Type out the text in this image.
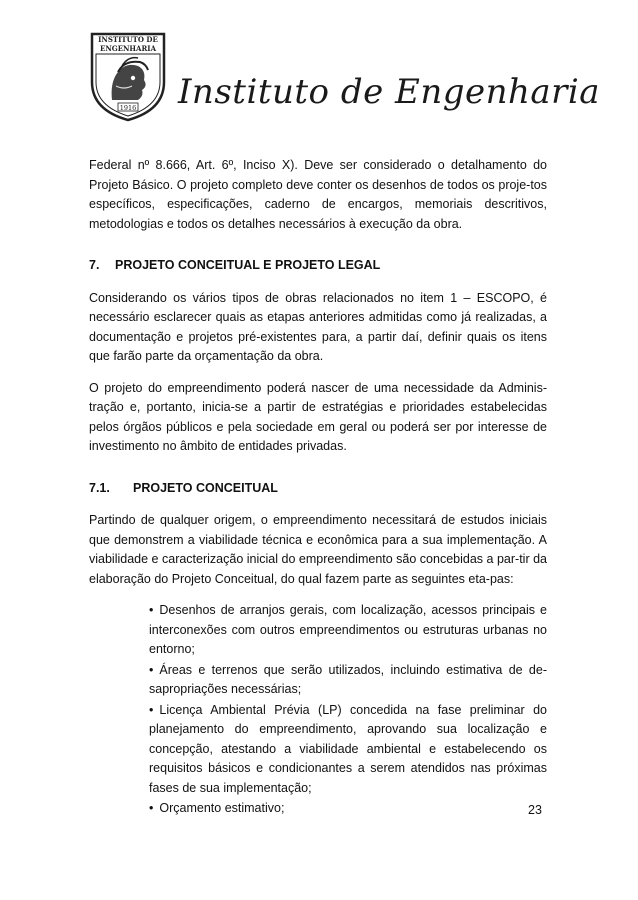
INSTITUTO DE
ENGENHARIA
1916 Instituto de Engenharia

Federal nº 8.666, Art. 6º, Inciso X). Deve ser considerado o detalhamento do Projeto Básico. O projeto completo deve conter os desenhos de todos os proje-tos específicos, especificações, caderno de encargos, memoriais descritivos, metodologias e todos os detalhes necessários à execução da obra.

7. PROJETO CONCEITUAL E PROJETO LEGAL

Considerando os vários tipos de obras relacionados no item 1 – ESCOPO, é necessário esclarecer quais as etapas anteriores admitidas como já realizadas, a documentação e projetos pré-existentes para, a partir daí, definir quais os itens que farão parte da orçamentação da obra.

O projeto do empreendimento poderá nascer de uma necessidade da Adminis-tração e, portanto, inicia-se a partir de estratégias e prioridades estabelecidas pelos órgãos públicos e pela sociedade em geral ou poderá ser por interesse de investimento no âmbito de entidades privadas.

7.1. PROJETO CONCEITUAL

Partindo de qualquer origem, o empreendimento necessitará de estudos iniciais que demonstrem a viabilidade técnica e econômica para a sua implementação. A viabilidade e caracterização inicial do empreendimento são concebidas a par-tir da elaboração do Projeto Conceitual, do qual fazem parte as seguintes eta-pas:

• Desenhos de arranjos gerais, com localização, acessos principais e interconexões com outros empreendimentos ou estruturas urbanas no entorno;
• Áreas e terrenos que serão utilizados, incluindo estimativa de de-sapropriações necessárias;
• Licença Ambiental Prévia (LP) concedida na fase preliminar do planejamento do empreendimento, aprovando sua localização e concepção, atestando a viabilidade ambiental e estabelecendo os requisitos básicos e condicionantes a serem atendidos nas próximas fases de sua implementação;
• Orçamento estimativo;	23
